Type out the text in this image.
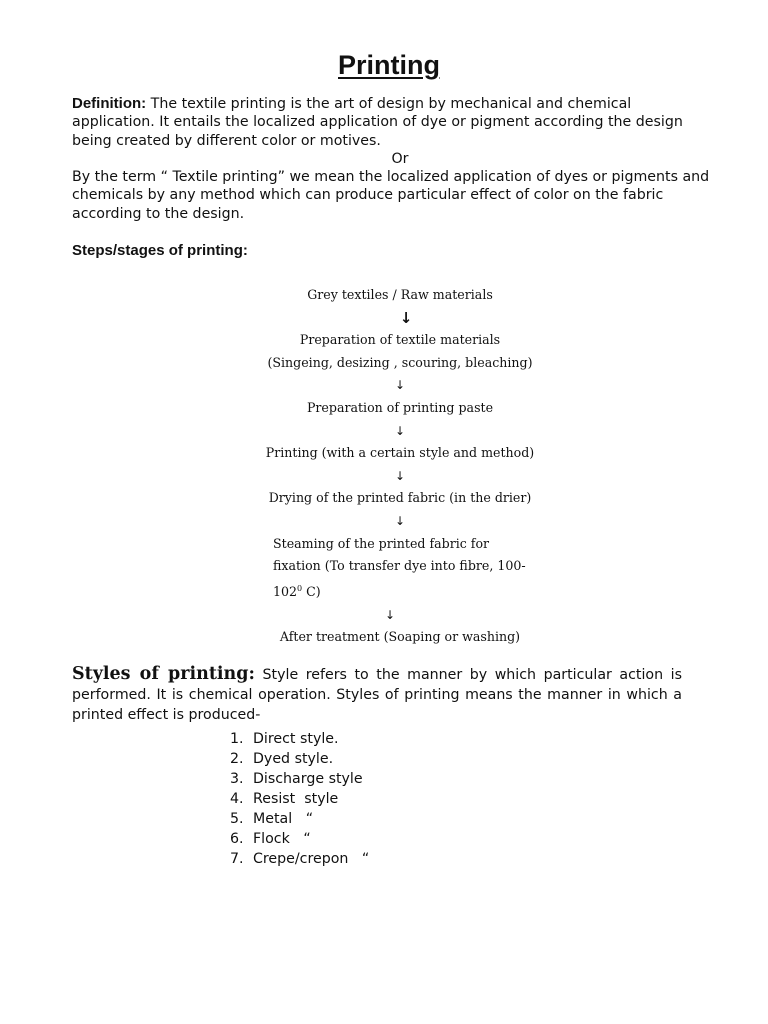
Printing
Definition: The textile printing is the art of design by mechanical and chemical application. It entails the localized application of dye or pigment according the design being created by different color or motives.
Or
By the term “ Textile printing” we mean the localized application of dyes or pigments and chemicals by any method which can produce particular effect of color on the fabric according to the design.
Steps/stages of printing:
Grey textiles / Raw materials
↓
Preparation of textile materials
(Singeing, desizing , scouring, bleaching)
↓
Preparation of printing paste
↓
Printing (with a certain style and method)
↓
Drying of the printed fabric (in the drier)
↓
Steaming of the printed fabric for
fixation (To transfer dye into fibre, 100-
$102^0$ C)
↓
After treatment (Soaping or washing)
Styles of printing: Style refers to the manner by which particular action is performed. It is chemical operation. Styles of printing means the manner in which a printed effect is produced-
1. Direct style.
2. Dyed style.
3. Discharge style
4. Resist  style
5. Metal   “
6. Flock   “
7. Crepe/crepon   “
